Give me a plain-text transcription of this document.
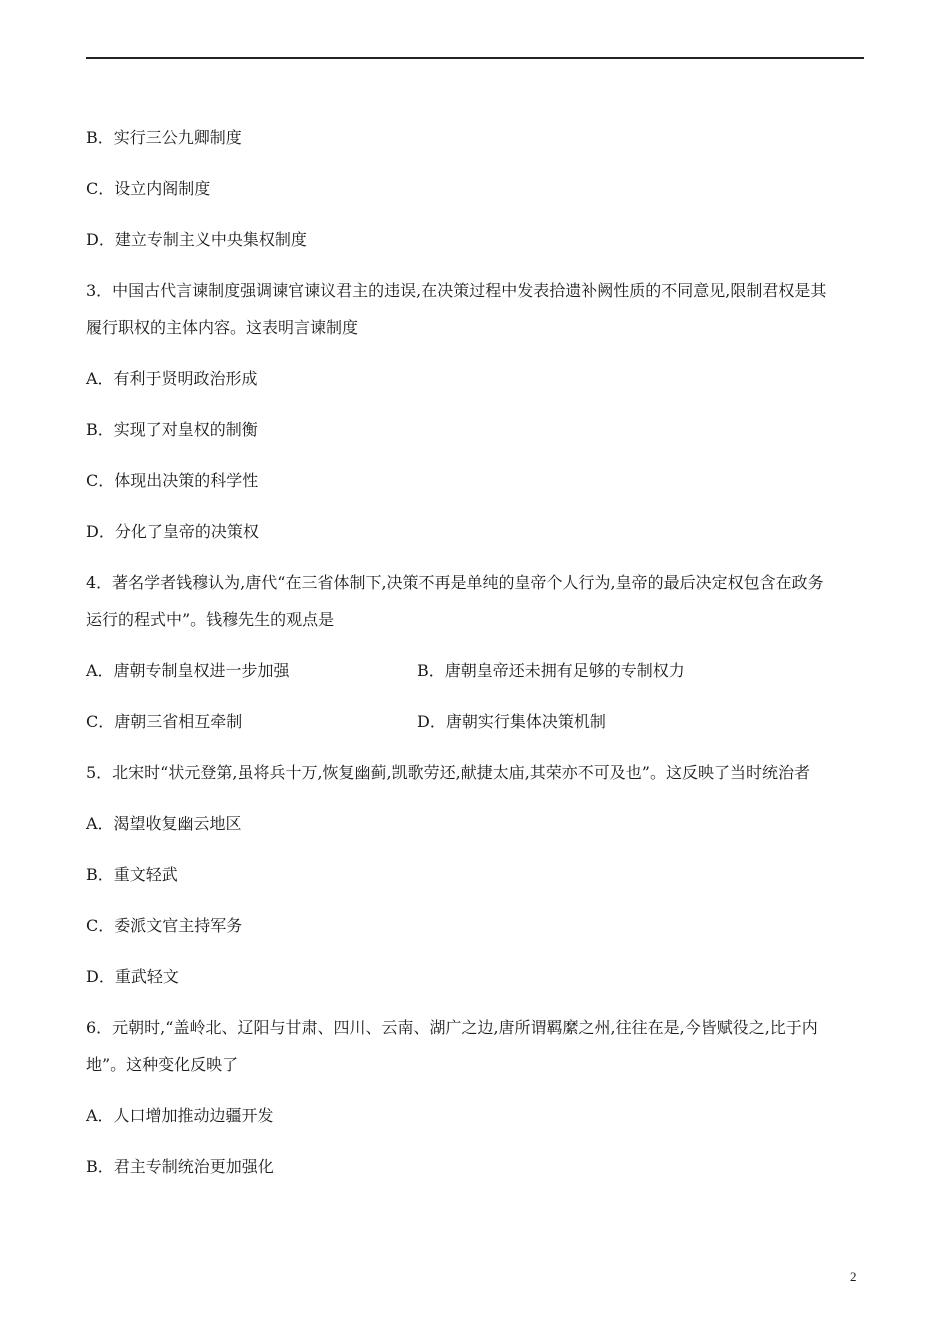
B．实行三公九卿制度
C．设立内阁制度
D．建立专制主义中央集权制度
3．中国古代言谏制度强调谏官谏议君主的违误,在决策过程中发表拾遗补阙性质的不同意见,限制君权是其
履行职权的主体内容。这表明言谏制度
A．有利于贤明政治形成
B．实现了对皇权的制衡
C．体现出决策的科学性
D．分化了皇帝的决策权
4．著名学者钱穆认为,唐代“在三省体制下,决策不再是单纯的皇帝个人行为,皇帝的最后决定权包含在政务
运行的程式中”。钱穆先生的观点是
A．唐朝专制皇权进一步加强	B．唐朝皇帝还未拥有足够的专制权力
C．唐朝三省相互牵制	D．唐朝实行集体决策机制
5．北宋时“状元登第,虽将兵十万,恢复幽蓟,凯歌劳还,献捷太庙,其荣亦不可及也”。这反映了当时统治者
A．渴望收复幽云地区
B．重文轻武
C．委派文官主持军务
D．重武轻文
6．元朝时,“盖岭北、辽阳与甘肃、四川、云南、湖广之边,唐所谓羁縻之州,往往在是,今皆赋役之,比于内
地”。这种变化反映了
A．人口增加推动边疆开发
B．君主专制统治更加强化
2
